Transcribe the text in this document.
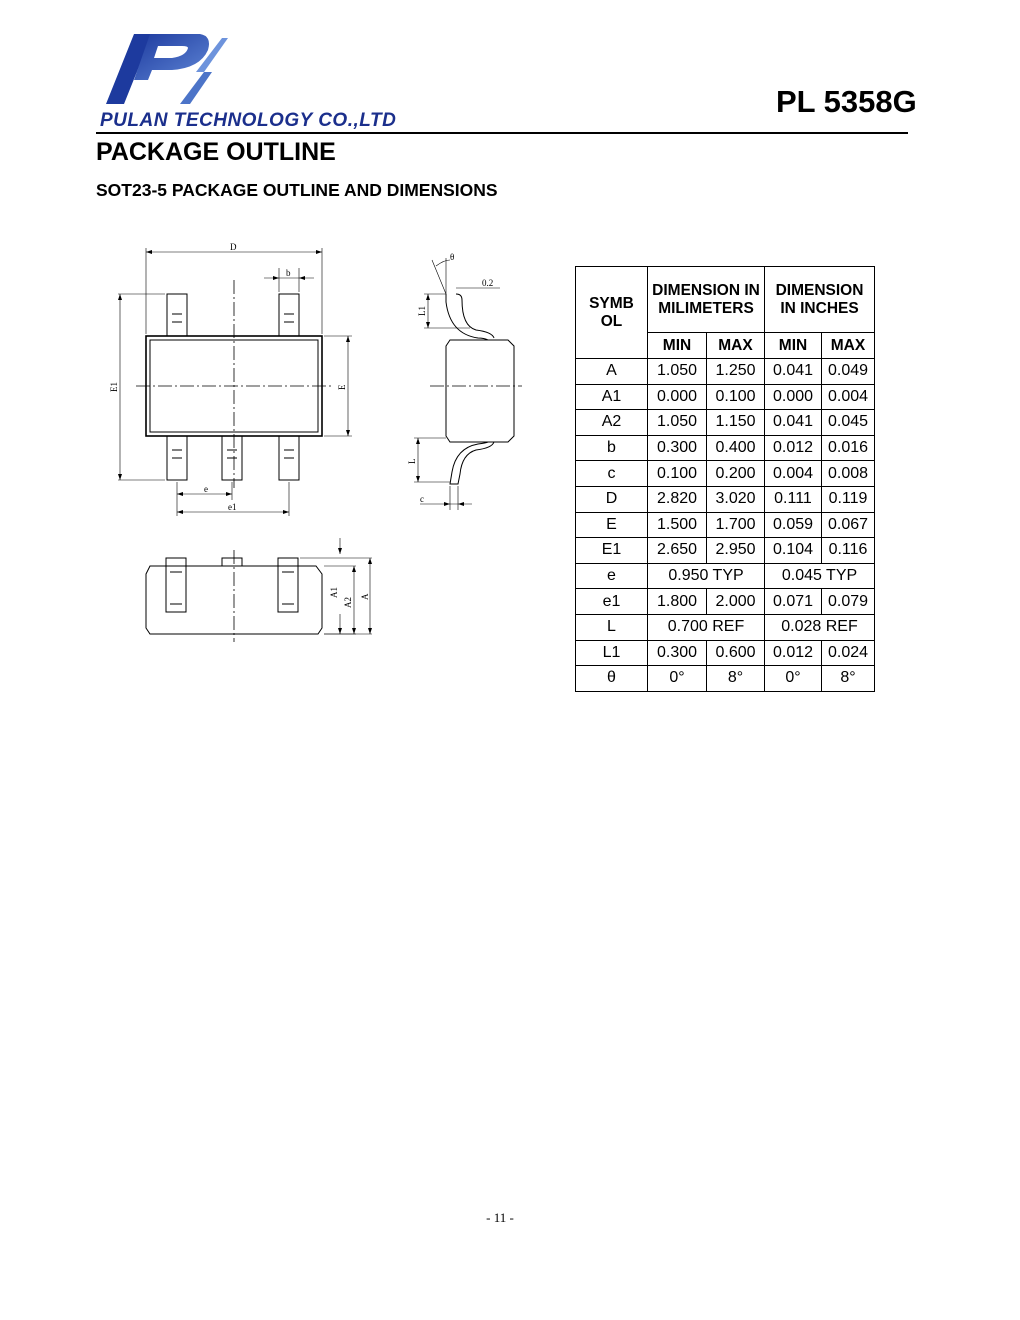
PULAN TECHNOLOGY CO.,LTD
PL 5358G
PACKAGE OUTLINE
SOT23-5 PACKAGE OUTLINE AND DIMENSIONS
D
b
e
e1
E1	E
θ
0.2
L1
L
c
A1
A2
A
SYMB OL	DIMENSION IN MILIMETERS		DIMENSION IN INCHES	

	MIN	MAX	MIN	MAX
A	1.050	1.250	0.041	0.049
A1	0.000	0.100	0.000	0.004
A2	1.050	1.150	0.041	0.045
b	0.300	0.400	0.012	0.016
c	0.100	0.200	0.004	0.008
D	2.820	3.020	0.111	0.119
E	1.500	1.700	0.059	0.067
E1	2.650	2.950	0.104	0.116
e	0.950 TYP		0.045 TYP	
e1	1.800	2.000	0.071	0.079
L	0.700 REF		0.028 REF	
L1	0.300	0.600	0.012	0.024
θ	0°	8°	0°	8°
- 11 -
